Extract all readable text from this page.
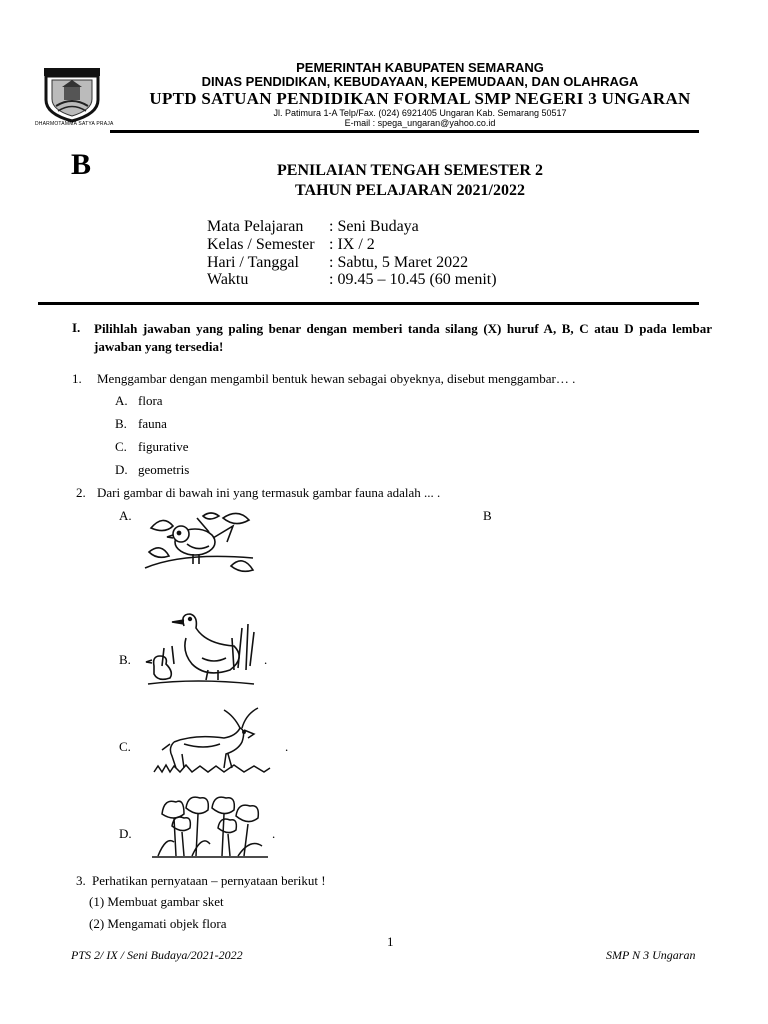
DHARMOTAMMA SATYA PRAJA
PEMERINTAH KABUPATEN SEMARANG
DINAS PENDIDIKAN, KEBUDAYAAN, KEPEMUDAAN, DAN OLAHRAGA
UPTD SATUAN PENDIDIKAN FORMAL SMP NEGERI 3 UNGARAN
Jl. Patimura 1-A Telp/Fax. (024) 6921405 Ungaran Kab. Semarang 50517
E-mail : spega_ungaran@yahoo.co.id
B	PENILAIAN TENGAH SEMESTER 2
TAHUN PELAJARAN 2021/2022
Mata Pelajaran : Seni Budaya
Kelas / Semester : IX / 2
Hari / Tanggal : Sabtu, 5 Maret 2022
Waktu	: 09.45 – 10.45 (60 menit)
I. Pilihlah jawaban yang paling benar dengan memberi tanda silang (X) huruf A, B, C atau D pada lembar jawaban yang tersedia!
1. Menggambar dengan mengambil bentuk hewan sebagai obyeknya, disebut menggambar… .
A. flora
B. fauna
C. figurative
D. geometris
2. Dari gambar di bawah ini yang termasuk gambar fauna adalah ... .
B
A.
B.	.
C.	.
D.	.
3. Perhatikan pernyataan – pernyataan berikut !
(1) Membuat gambar sket
(2) Mengamati objek flora
1
PTS 2/ IX / Seni Budaya/2021-2022	SMP N 3 Ungaran
